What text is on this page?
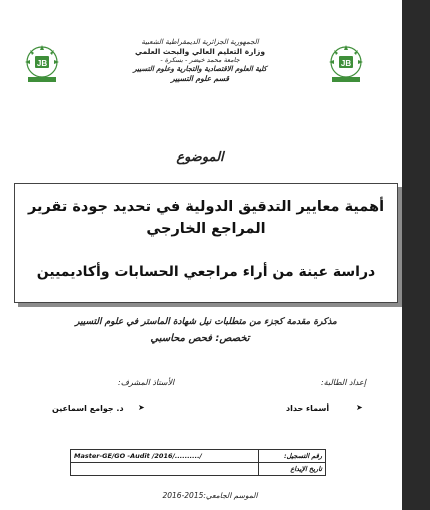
JB
الجمهورية الجزائرية الديمقراطية الشعبية
وزارة التعليم العالي والبحث العلمي
جامعة محمد خيضر - بسكرة -
كلية العلوم الاقتصادية والتجارية وعلوم التسيير
قسم علوم التسيير
JB
الموضوع
أهمية معايير التدقيق الدولية في تحديد جودة تقرير المراجع الخارجي
دراسة عينة من أراء مراجعي الحسابات وأكاديميين
مذكرة مقدمة كجزء من متطلبات نيل شهادة الماستر في علوم التسيير
تخصص: فحص محاسبي
إعداد الطالبة:
الأستاذ المشرف:
➤
أسماء حداد
➤
د. جوامع اسماعين
Master-GE/GO -Audit /2016/........../	رقم التسجيل:
	تاريخ الإيداع
الموسم الجامعي:2015-2016
